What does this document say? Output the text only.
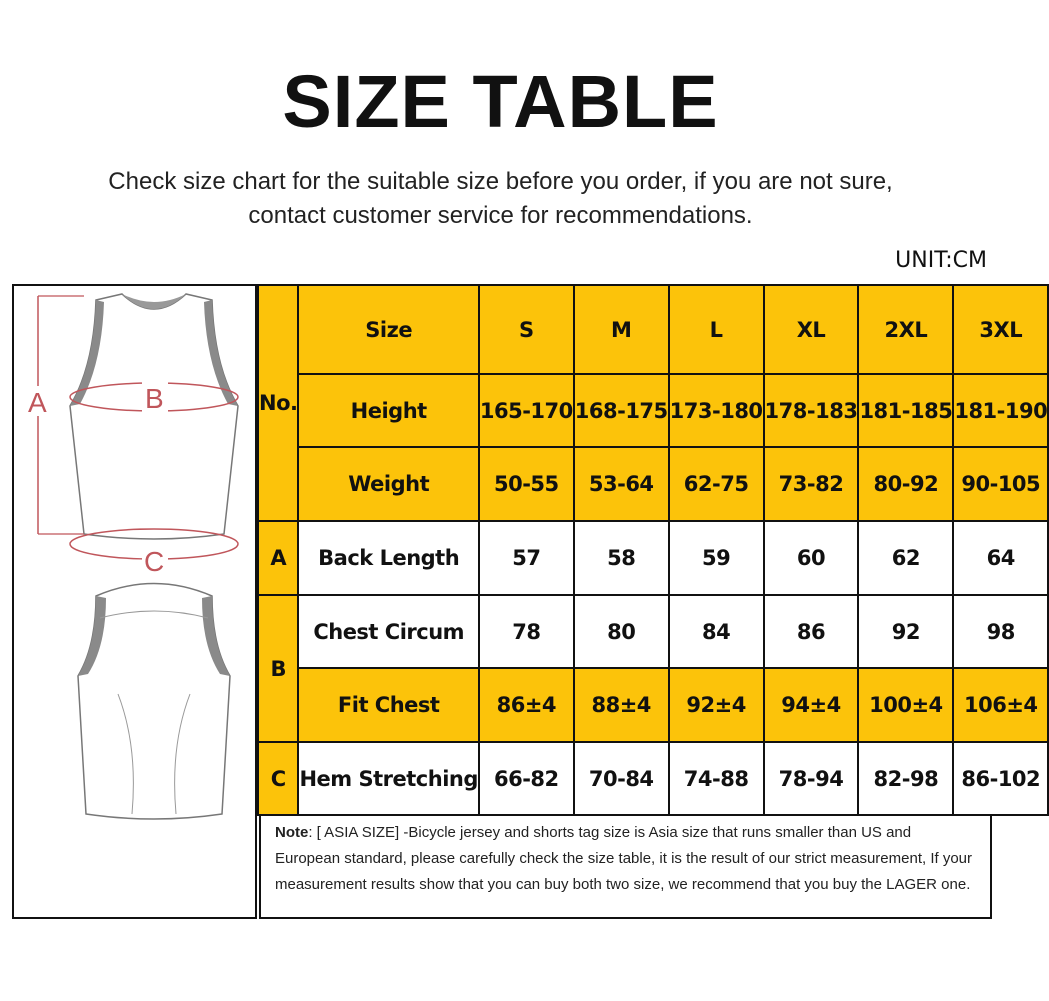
SIZE TABLE
Check size chart for the suitable size before you order, if you are not sure,
contact customer service for recommendations.
UNIT:CM
A	B
C
No.	Size	S	M	L	XL	2XL	3XL
	Height	165-170	168-175	173-180	178-183	181-185	181-190
	Weight	50-55	53-64	62-75	73-82	80-92	90-105
A	Back Length	57	58	59	60	62	64
B	Chest Circum	78	80	84	86	92	98
	Fit Chest	86±4	88±4	92±4	94±4	100±4	106±4
C	Hem Stretching	66-82	70-84	74-88	78-94	82-98	86-102
Note: [ ASIA SIZE] -Bicycle jersey and shorts tag size is Asia size that runs smaller than US and European standard, please carefully check the size table, it is the result of our strict measurement, If your measurement results show that you can buy both two size, we recommend that you buy the LAGER one.
